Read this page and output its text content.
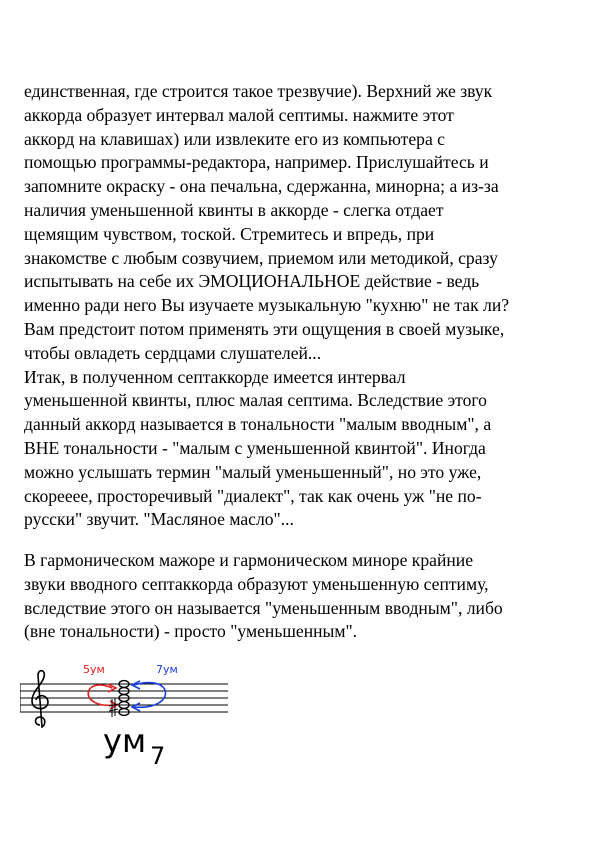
единственная, где строится такое трезвучие). Верхний же звук
аккорда образует интервал малой септимы. нажмите этот
аккорд на клавишах) или извлеките его из компьютера с
помощью программы-редактора, например. Прислушайтесь и
запомните окраску - она печальна, сдержанна, минорна; а из-за
наличия уменьшенной квинты в аккорде - слегка отдает
щемящим чувством, тоской. Стремитесь и впредь, при
знакомстве с любым созвучием, приемом или методикой, сразу
испытывать на себе их ЭМОЦИОНАЛЬНОЕ действие - ведь
именно ради него Вы изучаете музыкальную "кухню" не так ли?
Вам предстоит потом применять эти ощущения в своей музыке,
чтобы овладеть сердцами слушателей...
Итак, в полученном септаккорде имеется интервал
уменьшенной квинты, плюс малая септима. Вследствие этого
данный аккорд называется в тональности "малым вводным", а
ВНЕ тональности - "малым с уменьшенной квинтой". Иногда
можно услышать термин "малый уменьшенный", но это уже,
скорееее, просторечивый "диалект", так как очень уж "не по-
русски" звучит. "Масляное масло"...
В гармоническом мажоре и гармоническом миноре крайние
звуки вводного септаккорда образуют уменьшенную септиму,
вследствие этого он называется "уменьшенным вводным", либо
(вне тональности) - просто "уменьшенным".
5ум	7ум
ум 7
